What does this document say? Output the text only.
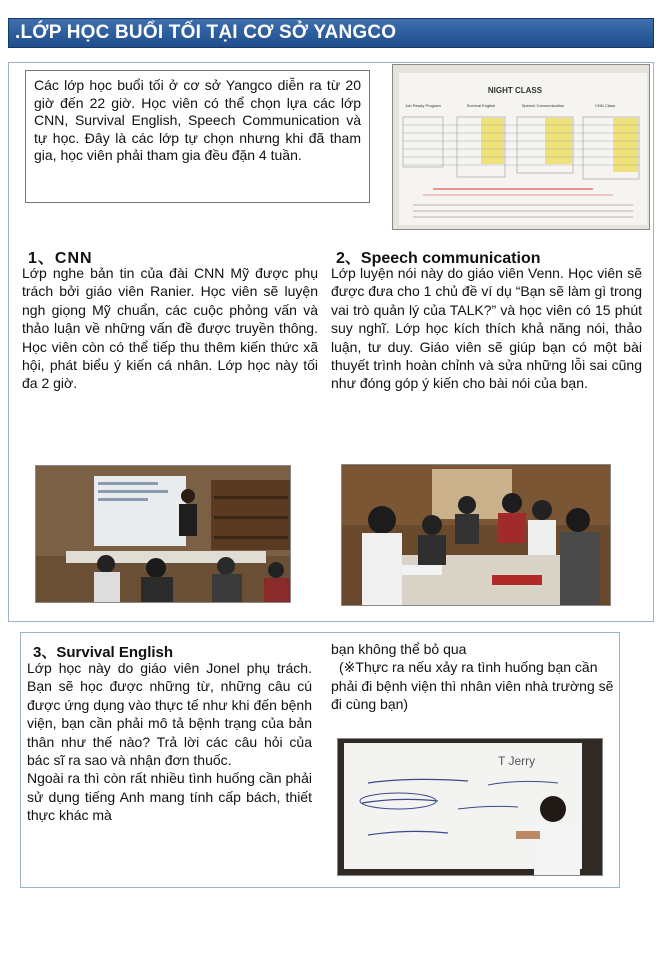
.LỚP HỌC BUỔI TỐI TẠI CƠ SỞ YANGCO
Các lớp học buổi tối ở cơ sở Yangco diễn ra từ 20 giờ đến 22 giờ. Học viên có thể chọn lựa các lớp CNN, Survival English, Speech Communication và tự học. Đây là các lớp tự chọn nhưng khi đã tham gia, học viên phải tham gia đều đặn 4 tuần.
NIGHT CLASS
Job Ready Program	Survival English	Speech Communication	CNN Class
1、CNN
Lớp nghe bản tin của đài CNN Mỹ được phụ trách bởi giáo viên Ranier. Học viên sẽ luyện ngh giọng Mỹ chuẩn, các cuộc phỏng vấn và thảo luận về những vấn đề được truyền thông. Học viên còn có thể tiếp thu thêm kiến thức xã hội, phát biểu ý kiến cá nhân. Lớp học này tối đa 2 giờ.
2、Speech communication
Lớp luyện nói này do giáo viên Venn. Học viên sẽ được đưa cho 1 chủ đề ví dụ “Bạn sẽ làm gì trong vai trò quản lý của TALK?” và học viên có 15 phút suy nghĩ. Lớp học kích thích khả năng nói, thảo luận, tư duy. Giáo viên sẽ giúp bạn có một bài thuyết trình hoàn chỉnh và sửa những lỗi sai cũng như đóng góp ý kiến cho bài nói của bạn.
3、Survival English

Lớp học này do giáo viên Jonel phụ trách. Bạn sẽ học được những từ, những câu cú được ứng dụng vào thực tế như khi đến bệnh viện, bạn cần phải mô tả bệnh trạng của bản thân như thế nào? Trả lời các câu hỏi của bác sĩ ra sao và nhận đơn thuốc.

Ngoài ra thì còn rất nhiều tình huống cần phải sử dụng tiếng Anh mang tính cấp bách, thiết thực khác mà

bạn không thể bỏ qua

(※Thực ra nếu xảy ra tình huống bạn cần phải đi bệnh viện thì nhân viên nhà trường sẽ đi cùng bạn)

T Jerry
